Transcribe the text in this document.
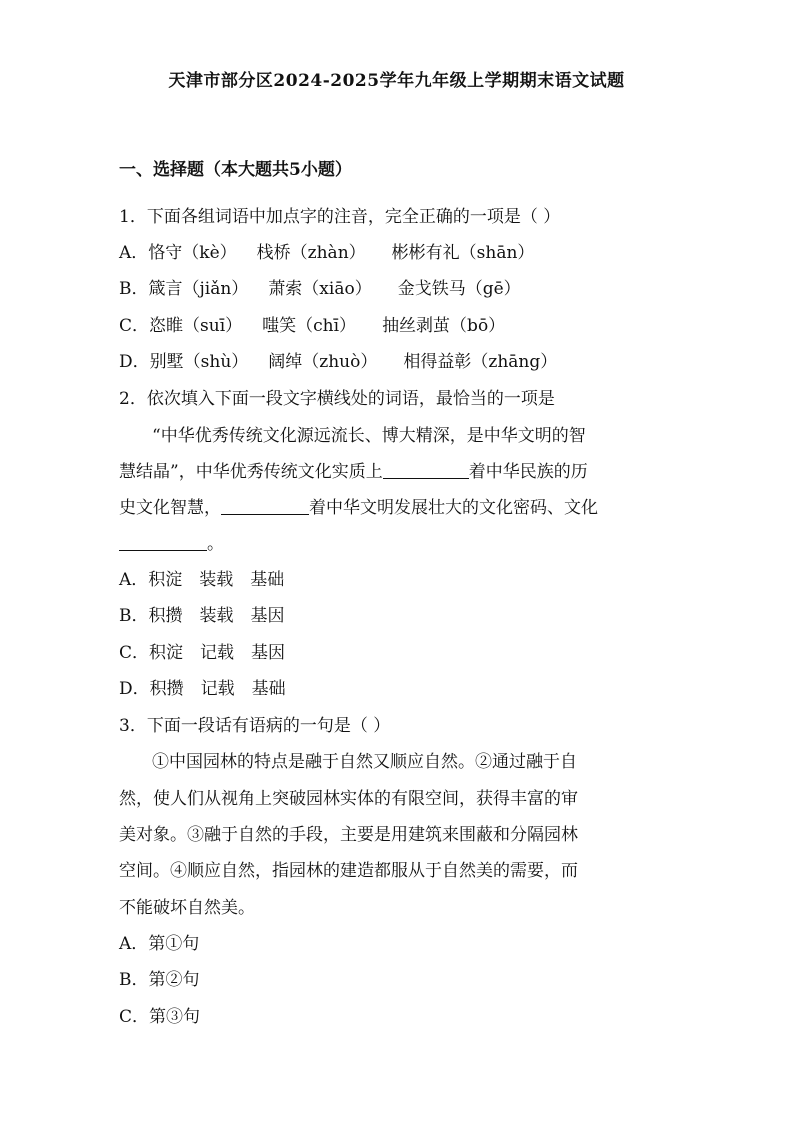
天津市部分区2024-2025学年九年级上学期期末语文试题
一、选择题（本大题共5小题）
1．下面各组词语中加点字的注音，完全正确的一项是（ ）
A．恪守（kè） 栈桥（zhàn） 彬彬有礼（shān）
B．箴言（jiǎn） 萧索（xiāo） 金戈铁马（gē）
C．恣睢（suī） 嗤笑（chī） 抽丝剥茧（bō）
D．别墅（shù） 阔绰（zhuò） 相得益彰（zhāng）
2．依次填入下面一段文字横线处的词语，最恰当的一项是
“中华优秀传统文化源远流长、博大精深，是中华文明的智
慧结晶”，中华优秀传统文化实质上	着中华民族的历
史文化智慧，	着中华文明发展壮大的文化密码、文化
。
A．积淀　装载　基础
B．积攒　装载　基因
C．积淀　记载　基因
D．积攒　记载　基础
3．下面一段话有语病的一句是（ ）
①中国园林的特点是融于自然又顺应自然。②通过融于自
然，使人们从视角上突破园林实体的有限空间，获得丰富的审
美对象。③融于自然的手段，主要是用建筑来围蔽和分隔园林
空间。④顺应自然，指园林的建造都服从于自然美的需要，而
不能破坏自然美。
A．第①句
B．第②句
C．第③句
